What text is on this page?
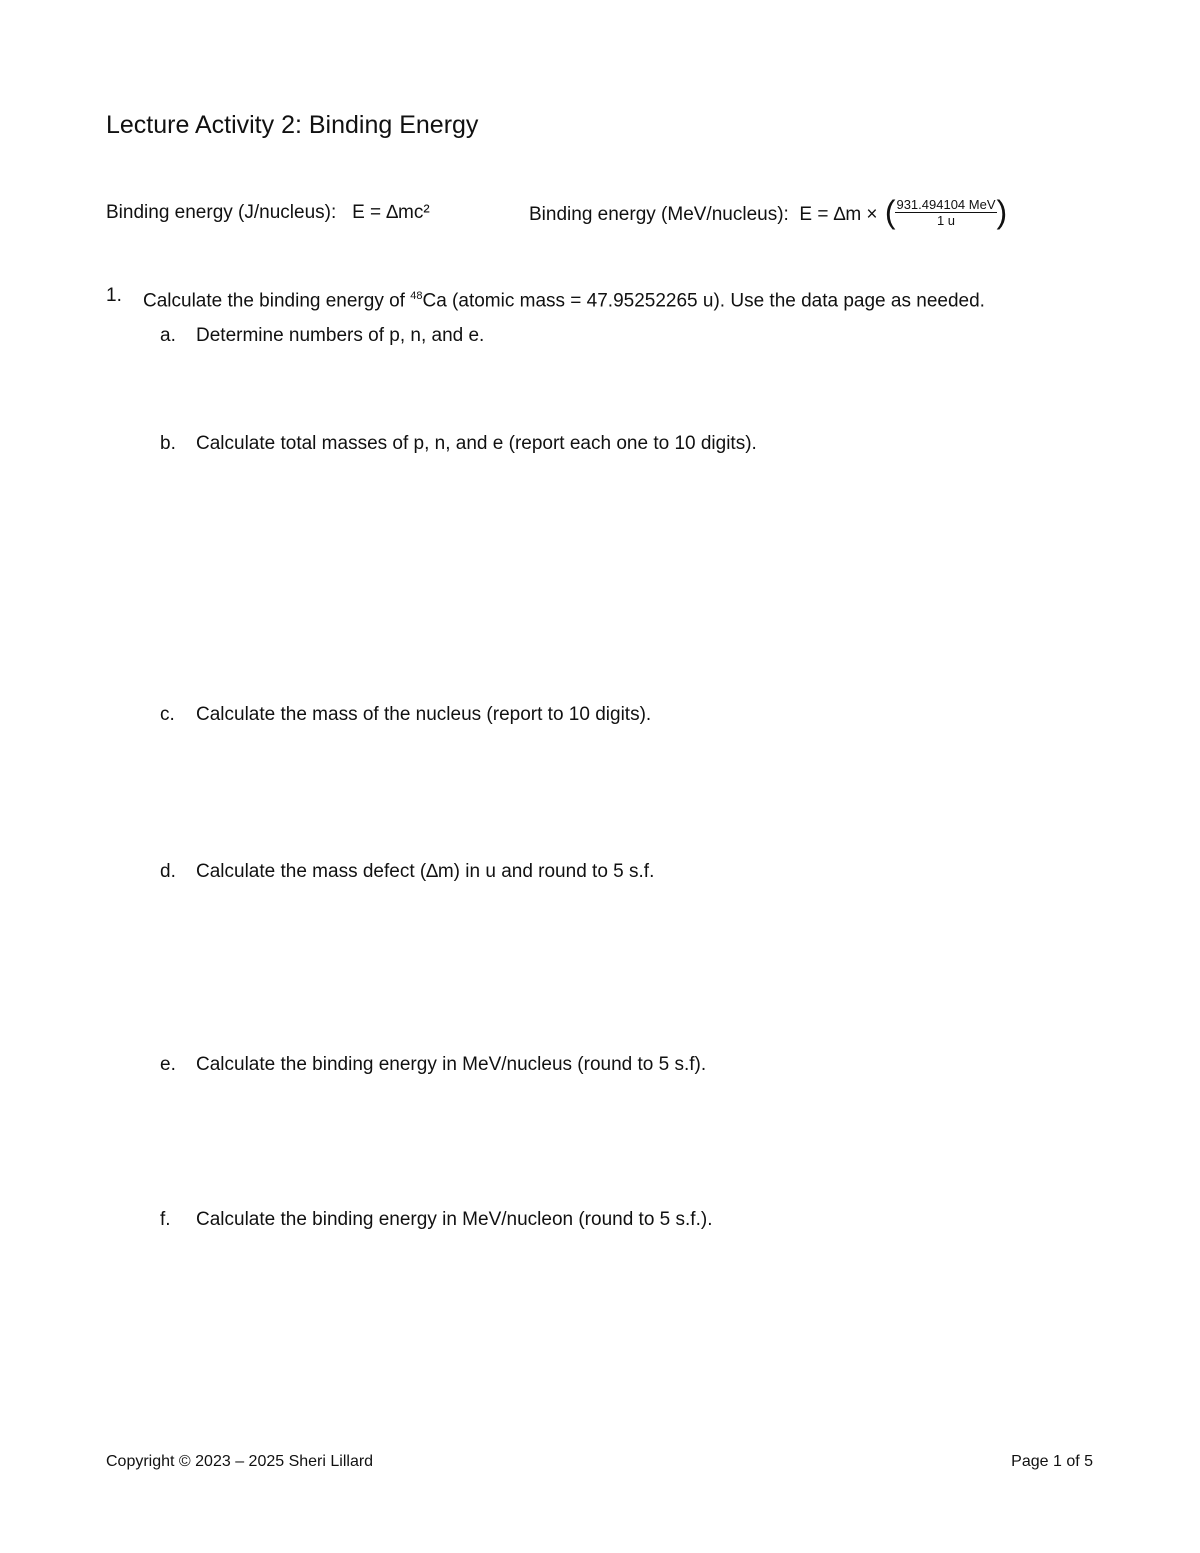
Lecture Activity 2: Binding Energy
Binding energy (J/nucleus): E = ∆mc²	Binding energy (MeV/nucleus): E = ∆m × ( $\frac{\text{931.494104 MeV}}{1 u}$ )
1. Calculate the binding energy of $^{48}$Ca (atomic mass = 47.95252265 u). Use the data page as needed.
a. Determine numbers of p, n, and e.
b. Calculate total masses of p, n, and e (report each one to 10 digits).
c. Calculate the mass of the nucleus (report to 10 digits).
d. Calculate the mass defect (∆m) in u and round to 5 s.f.
e. Calculate the binding energy in MeV/nucleus (round to 5 s.f).
f. Calculate the binding energy in MeV/nucleon (round to 5 s.f.).
Copyright © 2023 – 2025 Sheri Lillard	Page 1 of 5
